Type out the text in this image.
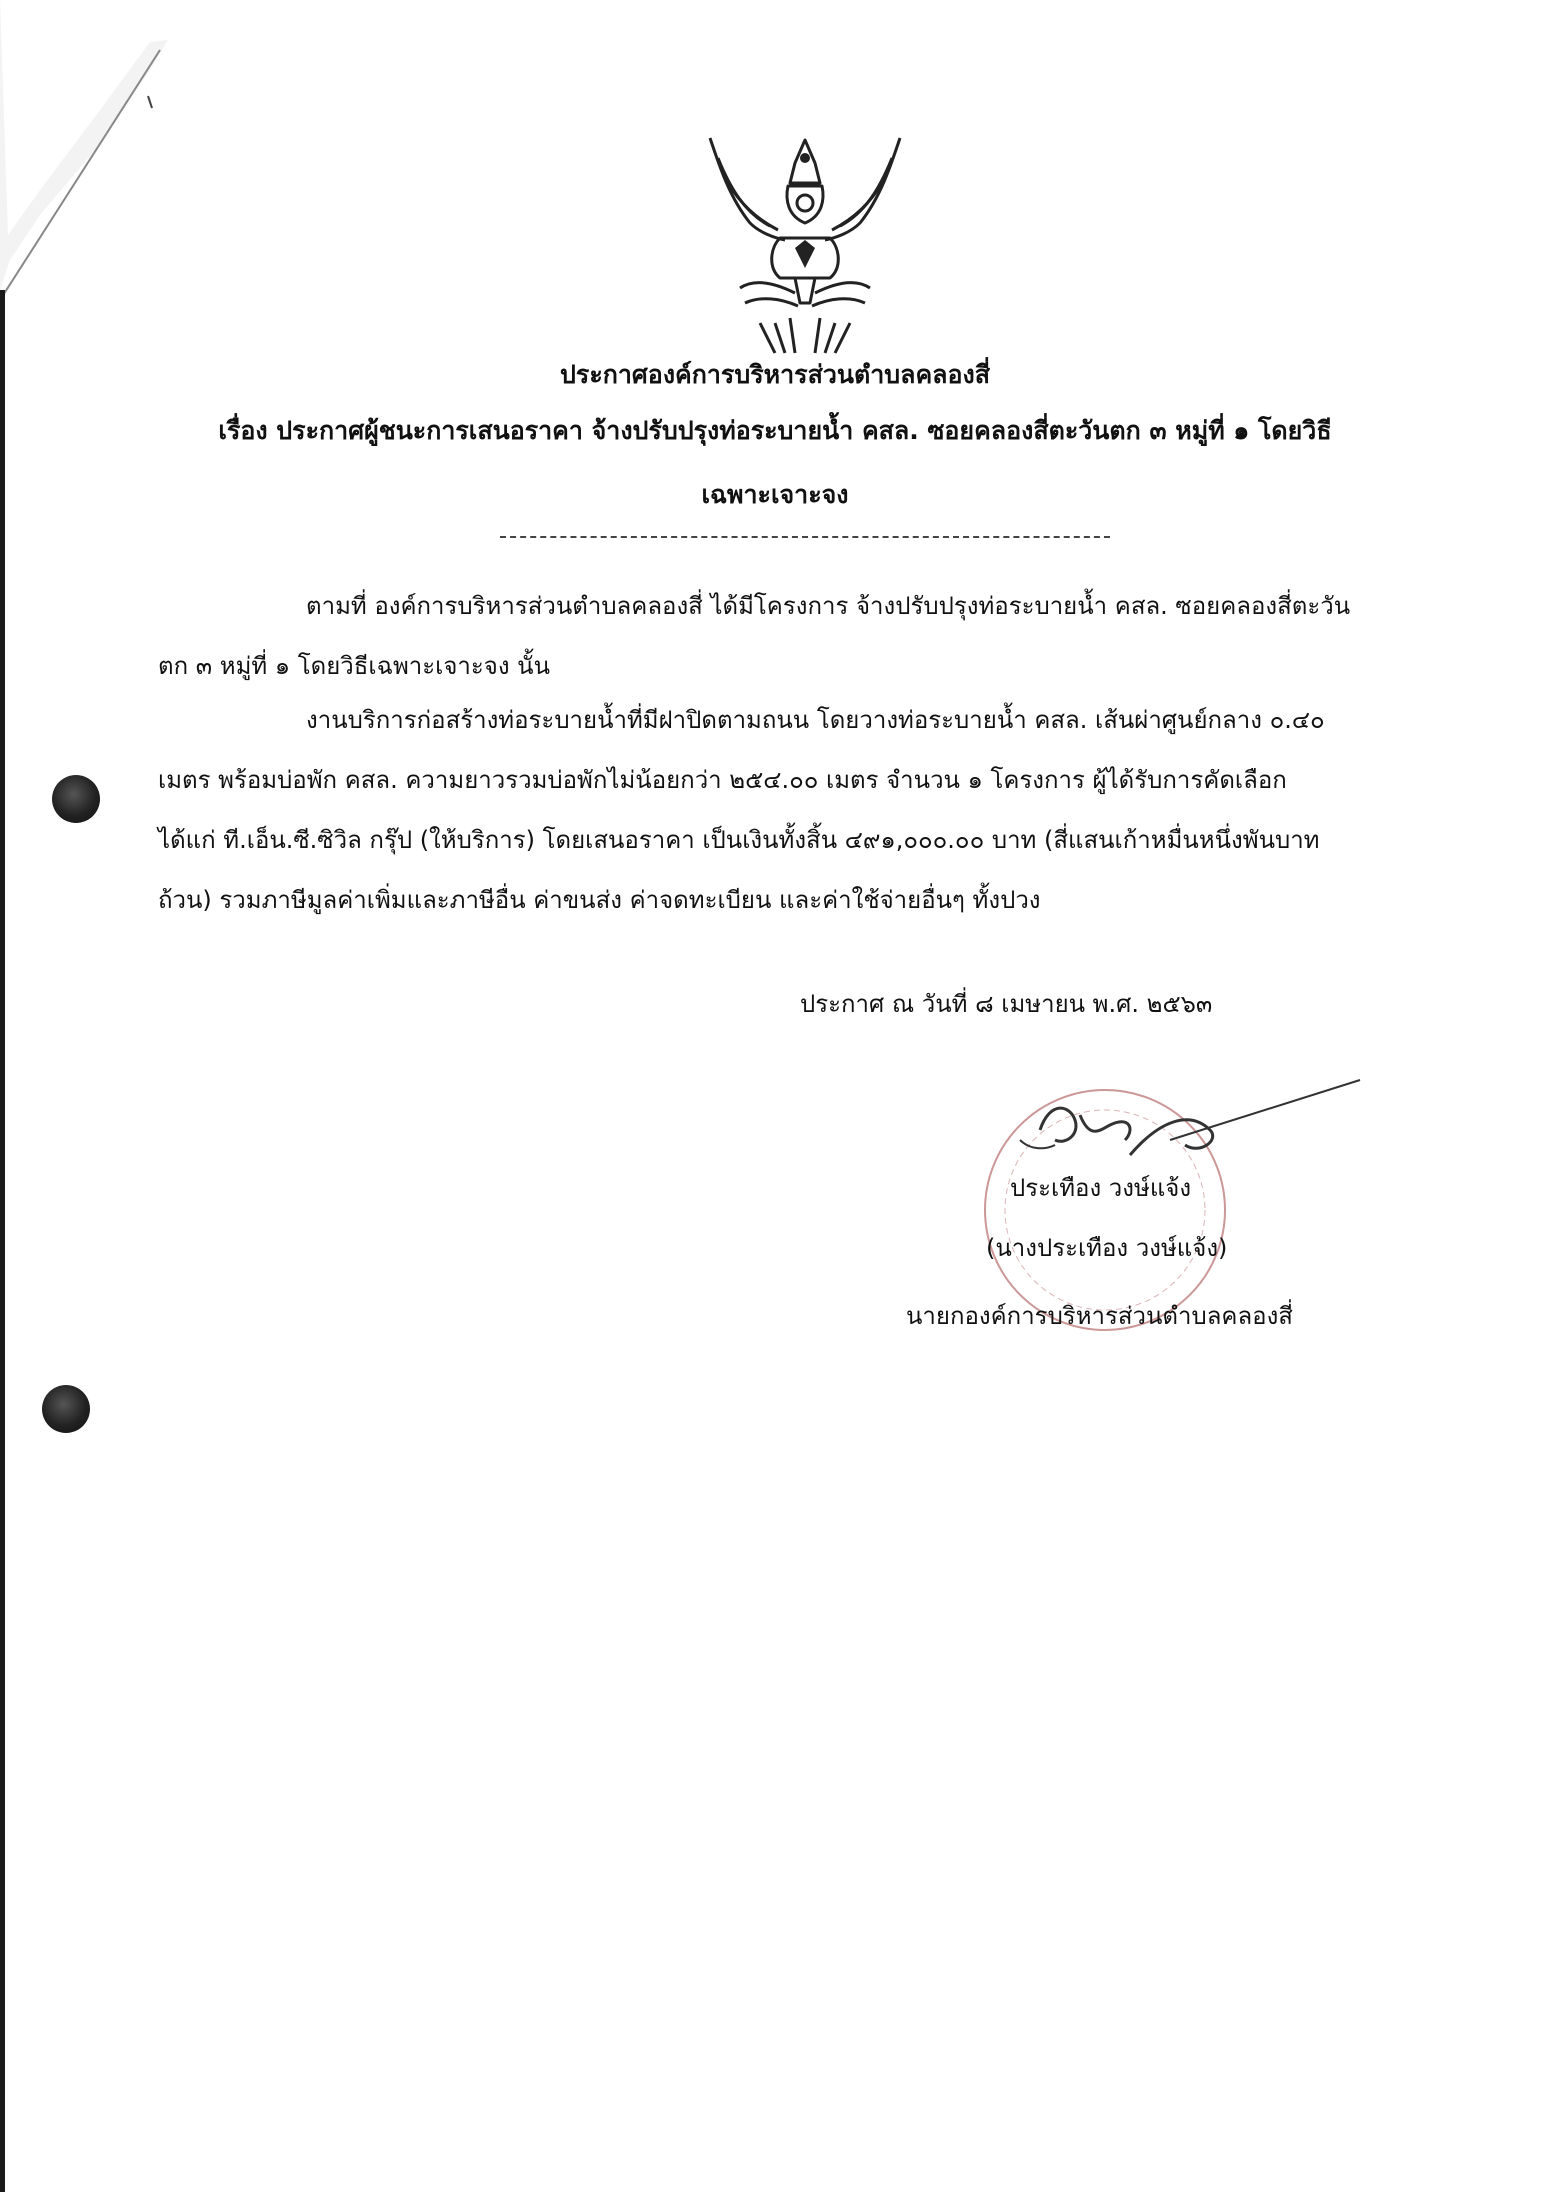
ประกาศองค์การบริหารส่วนตำบลคลองสี่
เรื่อง ประกาศผู้ชนะการเสนอราคา จ้างปรับปรุงท่อระบายน้ำ คสล. ซอยคลองสี่ตะวันตก ๓ หมู่ที่ ๑ โดยวิธี
เฉพาะเจาะจง
ตามที่ องค์การบริหารส่วนตำบลคลองสี่ ได้มีโครงการ จ้างปรับปรุงท่อระบายน้ำ คสล. ซอยคลองสี่ตะวัน
ตก ๓ หมู่ที่ ๑ โดยวิธีเฉพาะเจาะจง นั้น
งานบริการก่อสร้างท่อระบายน้ำที่มีฝาปิดตามถนน โดยวางท่อระบายน้ำ คสล. เส้นผ่าศูนย์กลาง ๐.๔๐
เมตร พร้อมบ่อพัก คสล. ความยาวรวมบ่อพักไม่น้อยกว่า ๒๕๔.๐๐ เมตร จำนวน ๑ โครงการ ผู้ได้รับการคัดเลือก
ได้แก่ ที.เอ็น.ซี.ซิวิล กรุ๊ป (ให้บริการ) โดยเสนอราคา เป็นเงินทั้งสิ้น ๔๙๑,๐๐๐.๐๐ บาท (สี่แสนเก้าหมื่นหนึ่งพันบาท
ถ้วน) รวมภาษีมูลค่าเพิ่มและภาษีอื่น ค่าขนส่ง ค่าจดทะเบียน และค่าใช้จ่ายอื่นๆ ทั้งปวง
ประกาศ ณ วันที่ ๘ เมษายน พ.ศ. ๒๕๖๓
ประเทือง วงษ์แจ้ง
(นางประเทือง วงษ์แจ้ง)
นายกองค์การบริหารส่วนตำบลคลองสี่
